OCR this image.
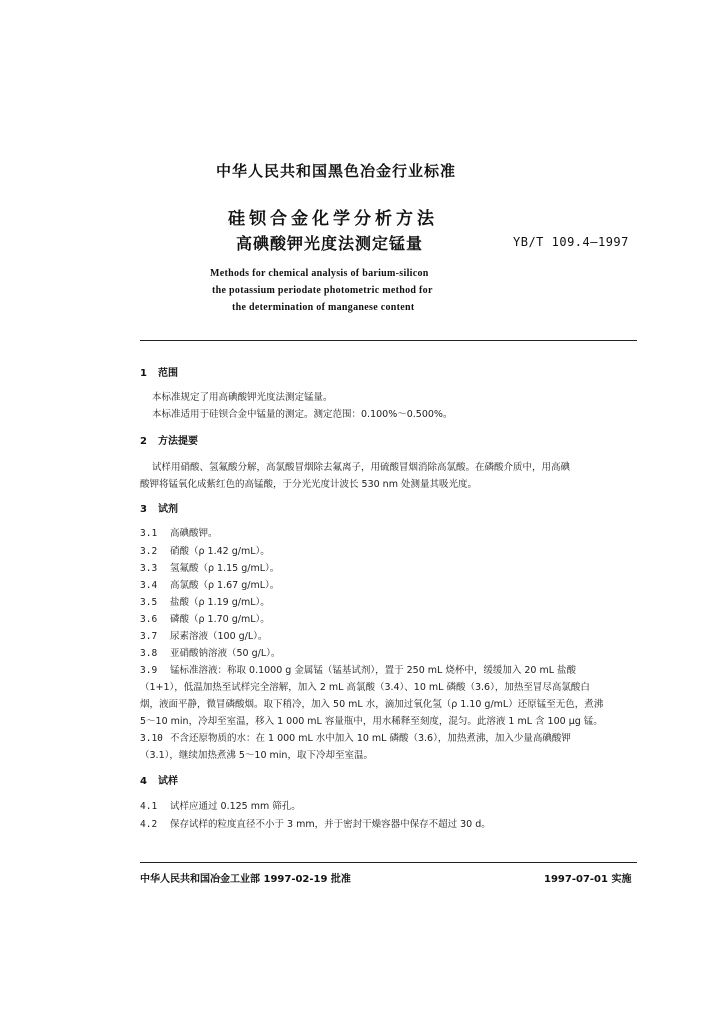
中华人民共和国黑色冶金行业标准
硅钡合金化学分析方法
高碘酸钾光度法测定锰量	YB/T 109.4—1997
Methods for chemical analysis of barium-silicon
the potassium periodate photometric method for
the determination of manganese content
1 范围
本标准规定了用高碘酸钾光度法测定锰量。
本标准适用于硅钡合金中锰量的测定。测定范围：0.100%～0.500%。
2 方法提要
试样用硝酸、氢氟酸分解，高氯酸冒烟除去氟离子，用硫酸冒烟消除高氯酸。在磷酸介质中，用高碘
酸钾将锰氧化成紫红色的高锰酸，于分光光度计波长 530 nm 处测量其吸光度。
3 试剂
3.1 高碘酸钾。
3.2 硝酸（ρ 1.42 g/mL）。
3.3 氢氟酸（ρ 1.15 g/mL）。
3.4 高氯酸（ρ 1.67 g/mL）。
3.5 盐酸（ρ 1.19 g/mL）。
3.6 磷酸（ρ 1.70 g/mL）。
3.7 尿素溶液（100 g/L）。
3.8 亚硝酸钠溶液（50 g/L）。
3.9 锰标准溶液：称取 0.1000 g 金属锰（锰基试剂），置于 250 mL 烧杯中，缓缓加入 20 mL 盐酸
（1+1），低温加热至试样完全溶解，加入 2 mL 高氯酸（3.4）、10 mL 磷酸（3.6），加热至冒尽高氯酸白
烟，液面平静，微冒磷酸烟。取下稍冷，加入 50 mL 水，滴加过氧化氢（ρ 1.10 g/mL）还原锰至无色，煮沸
5～10 min，冷却至室温，移入 1 000 mL 容量瓶中，用水稀释至刻度，混匀。此溶液 1 mL 含 100 μg 锰。
3.10 不含还原物质的水：在 1 000 mL 水中加入 10 mL 磷酸（3.6），加热煮沸，加入少量高碘酸钾
（3.1），继续加热煮沸 5～10 min，取下冷却至室温。
4 试样
4.1 试样应通过 0.125 mm 筛孔。
4.2 保存试样的粒度直径不小于 3 mm，并于密封干燥容器中保存不超过 30 d。
中华人民共和国冶金工业部 1997-02-19 批准	1997-07-01 实施
